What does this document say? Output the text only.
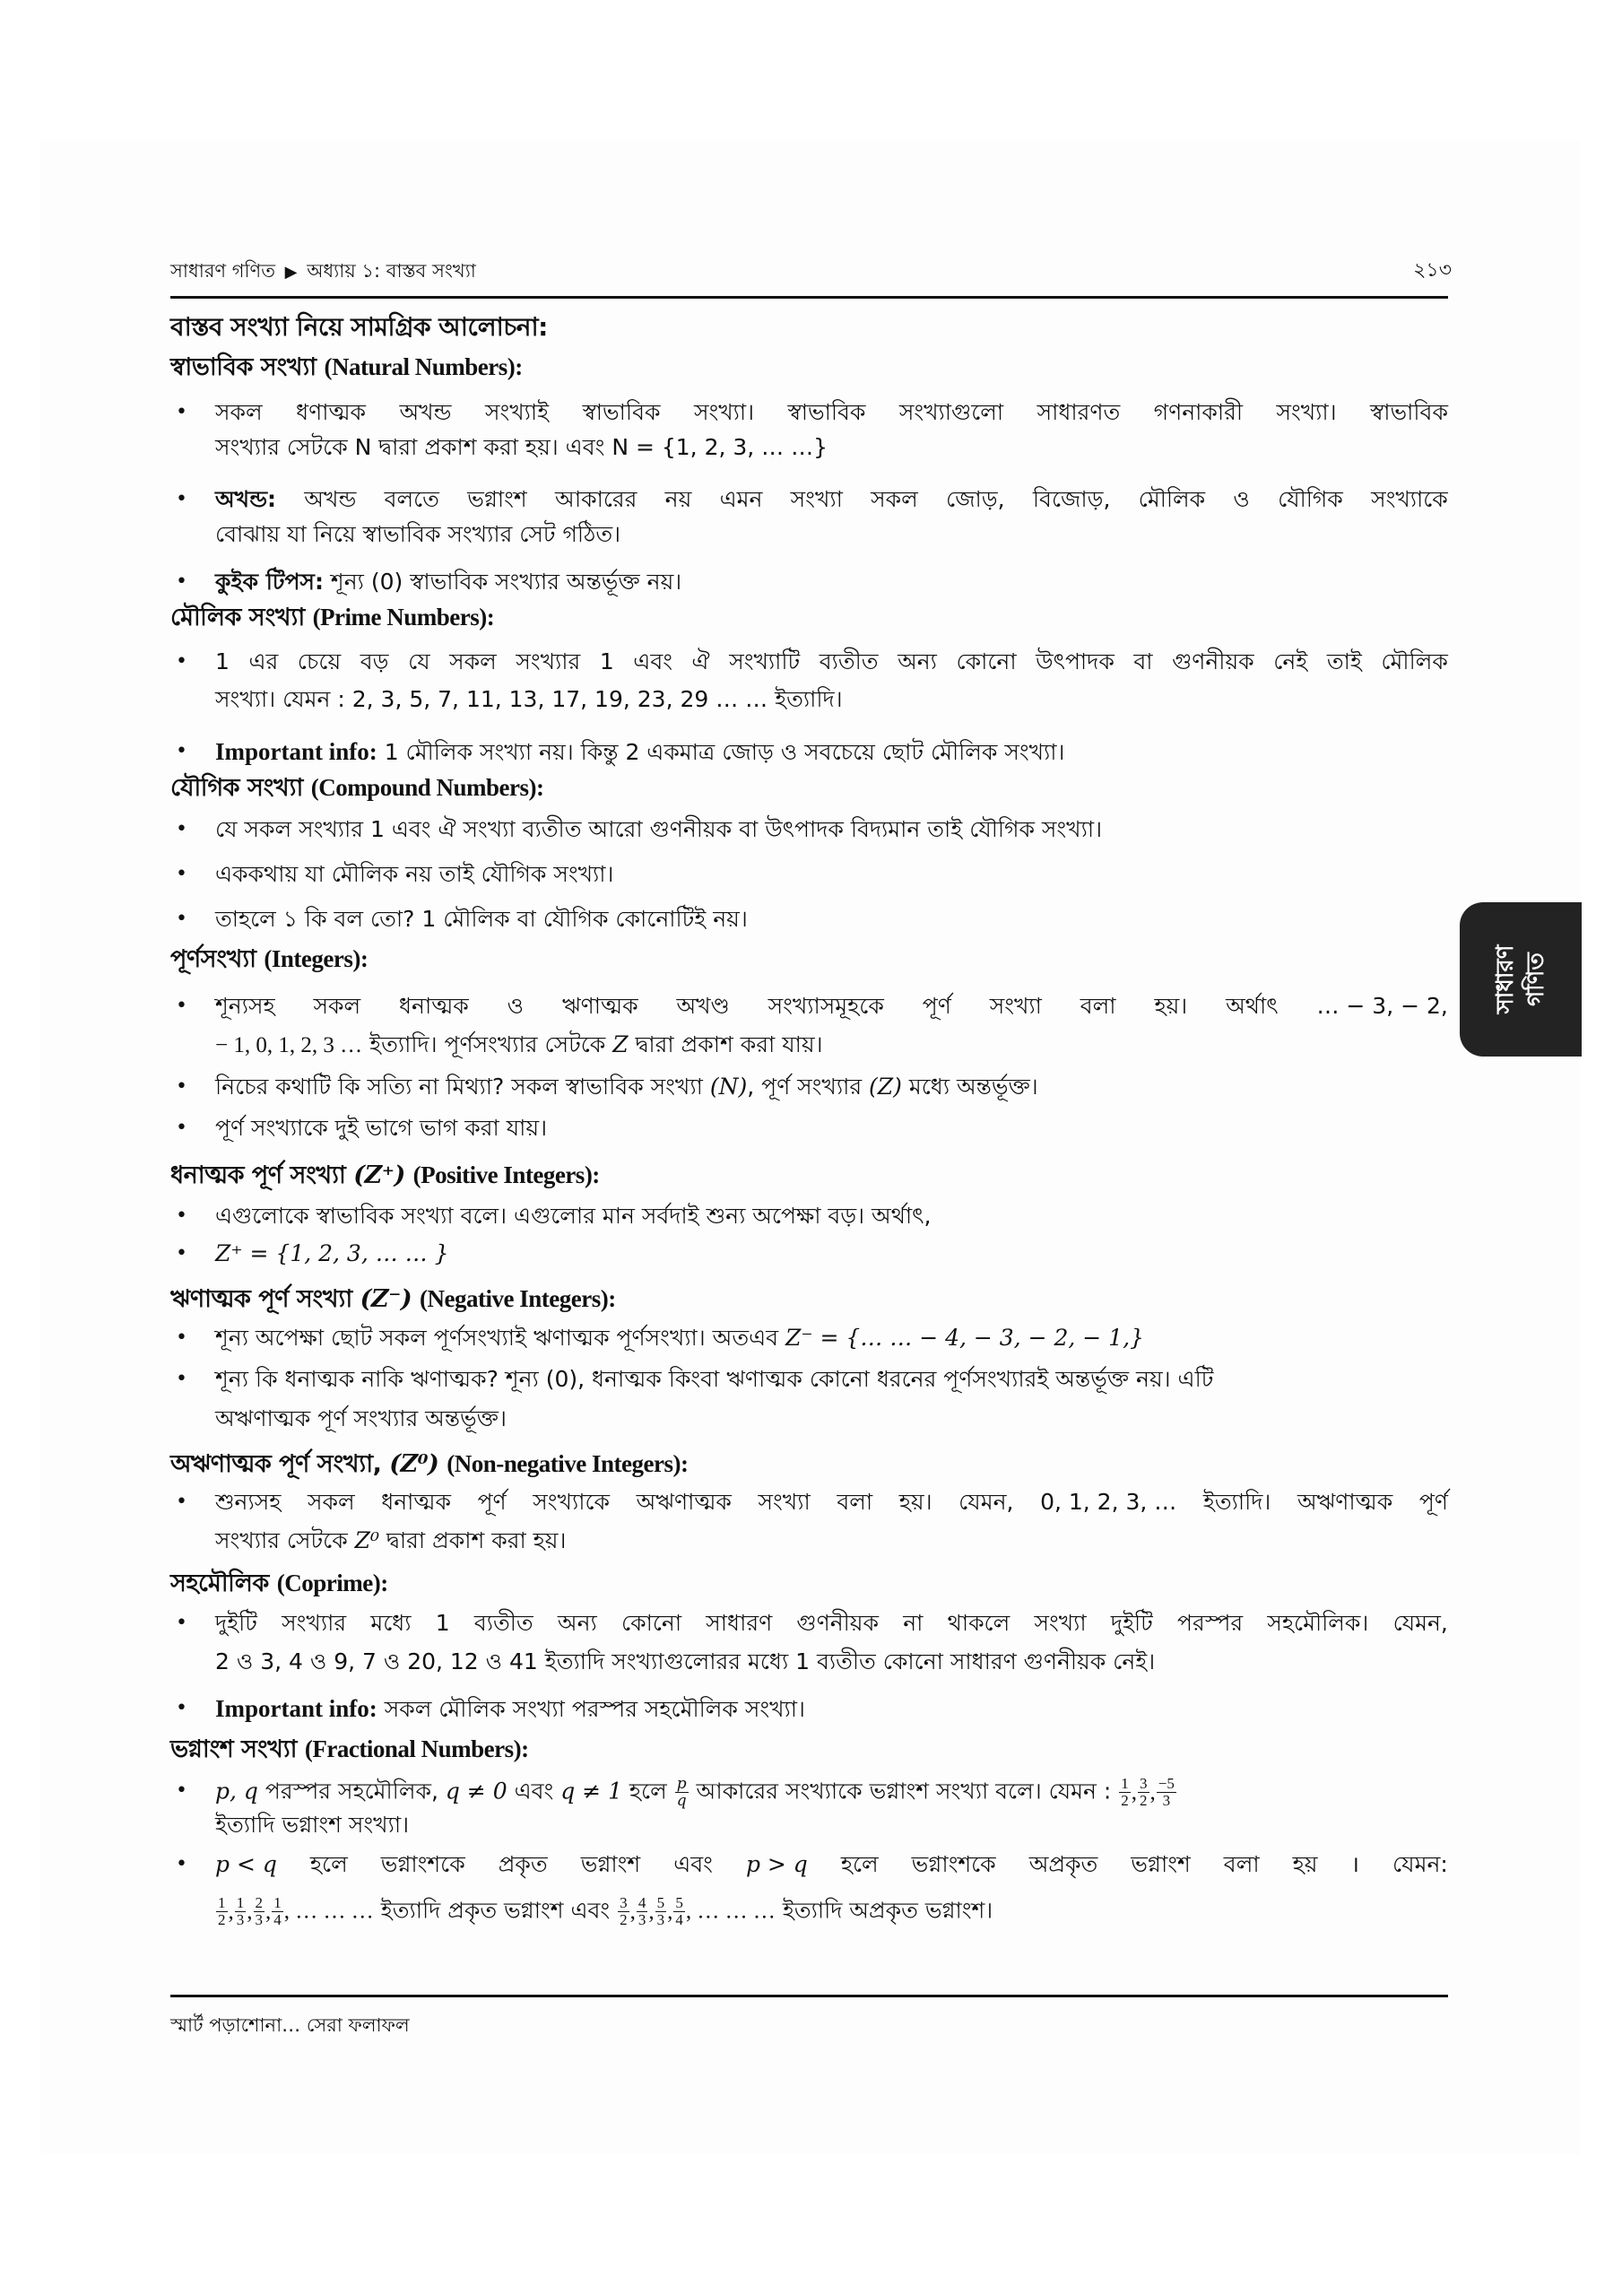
সাধারণ গণিত ▶ অধ্যায় ১: বাস্তব সংখ্যা	২১৩
বাস্তব সংখ্যা নিয়ে সামগ্রিক আলোচনা:
স্বাভাবিক সংখ্যা (Natural Numbers):
• সকল ধণাত্মক অখন্ড সংখ্যাই স্বাভাবিক সংখ্যা। স্বাভাবিক সংখ্যাগুলো সাধারণত গণনাকারী সংখ্যা। স্বাভাবিক
সংখ্যার সেটকে N দ্বারা প্রকাশ করা হয়। এবং N = {1, 2, 3, … …}
• অখন্ড: অখন্ড বলতে ভগ্নাংশ আকারের নয় এমন সংখ্যা সকল জোড়, বিজোড়, মৌলিক ও যৌগিক সংখ্যাকে
বোঝায় যা নিয়ে স্বাভাবিক সংখ্যার সেট গঠিত।
• কুইক টিপস: শূন্য (0) স্বাভাবিক সংখ্যার অন্তর্ভূক্ত নয়।
মৌলিক সংখ্যা (Prime Numbers):
• 1 এর চেয়ে বড় যে সকল সংখ্যার 1 এবং ঐ সংখ্যাটি ব্যতীত অন্য কোনো উৎপাদক বা গুণনীয়ক নেই তাই মৌলিক
সংখ্যা। যেমন : 2, 3, 5, 7, 11, 13, 17, 19, 23, 29 … … ইত্যাদি।
• Important info: 1 মৌলিক সংখ্যা নয়। কিন্তু 2 একমাত্র জোড় ও সবচেয়ে ছোট মৌলিক সংখ্যা।
যৌগিক সংখ্যা (Compound Numbers):
• যে সকল সংখ্যার 1 এবং ঐ সংখ্যা ব্যতীত আরো গুণনীয়ক বা উৎপাদক বিদ্যমান তাই যৌগিক সংখ্যা।
• এককথায় যা মৌলিক নয় তাই যৌগিক সংখ্যা।
• তাহলে ১ কি বল তো? 1 মৌলিক বা যৌগিক কোনোটিই নয়।
পূর্ণসংখ্যা (Integers):
• শূন্যসহ সকল ধনাত্মক ও ঋণাত্মক অখণ্ড সংখ্যাসমূহকে পূর্ণ সংখ্যা বলা হয়। অর্থাৎ … − 3, − 2,
− 1, 0, 1, 2, 3 … ইত্যাদি। পূর্ণসংখ্যার সেটকে Z দ্বারা প্রকাশ করা যায়।
• নিচের কথাটি কি সত্যি না মিথ্যা? সকল স্বাভাবিক সংখ্যা (N), পূর্ণ সংখ্যার (Z) মধ্যে অন্তর্ভূক্ত।
• পূর্ণ সংখ্যাকে দুই ভাগে ভাগ করা যায়।
ধনাত্মক পূর্ণ সংখ্যা (Z⁺) (Positive Integers):
• এগুলোকে স্বাভাবিক সংখ্যা বলে। এগুলোর মান সর্বদাই শুন্য অপেক্ষা বড়। অর্থাৎ,
• Z⁺ = {1, 2, 3, … … }
ঋণাত্মক পূর্ণ সংখ্যা (Z⁻) (Negative Integers):
• শূন্য অপেক্ষা ছোট সকল পূর্ণসংখ্যাই ঋণাত্মক পূর্ণসংখ্যা। অতএব Z⁻ = {… … − 4, − 3, − 2, − 1,}
• শূন্য কি ধনাত্মক নাকি ঋণাত্মক? শূন্য (0), ধনাত্মক কিংবা ঋণাত্মক কোনো ধরনের পূর্ণসংখ্যারই অন্তর্ভূক্ত নয়। এটি
অঋণাত্মক পূর্ণ সংখ্যার অন্তর্ভূক্ত।
অঋণাত্মক পূর্ণ সংখ্যা, (Z⁰) (Non-negative Integers):
• শুন্যসহ সকল ধনাত্মক পূর্ণ সংখ্যাকে অঋণাত্মক সংখ্যা বলা হয়। যেমন, 0, 1, 2, 3, … ইত্যাদি। অঋণাত্মক পূর্ণ
সংখ্যার সেটকে Z⁰ দ্বারা প্রকাশ করা হয়।
সহমৌলিক (Coprime):
• দুইটি সংখ্যার মধ্যে 1 ব্যতীত অন্য কোনো সাধারণ গুণনীয়ক না থাকলে সংখ্যা দুইটি পরস্পর সহমৌলিক। যেমন,
2 ও 3, 4 ও 9, 7 ও 20, 12 ও 41 ইত্যাদি সংখ্যাগুলোরর মধ্যে 1 ব্যতীত কোনো সাধারণ গুণনীয়ক নেই।
• Important info: সকল মৌলিক সংখ্যা পরস্পর সহমৌলিক সংখ্যা।
ভগ্নাংশ সংখ্যা (Fractional Numbers):
• p, q পরস্পর সহমৌলিক, q ≠ 0 এবং q ≠ 1 হলে $\frac{p}{q}$ আকারের সংখ্যাকে ভগ্নাংশ সংখ্যা বলে। যেমন : $\frac{1}{2}$ , $\frac{3}{2}$ , $\frac{-5}{3}$
ইত্যাদি ভগ্নাংশ সংখ্যা।
• p < q হলে ভগ্নাংশকে প্রকৃত ভগ্নাংশ এবং p > q হলে ভগ্নাংশকে অপ্রকৃত ভগ্নাংশ বলা হয় । যেমন:
$\frac{1}{2}$ , $\frac{1}{3}$ , $\frac{2}{3}$ , $\frac{1}{4}$ , … … … ইত্যাদি প্রকৃত ভগ্নাংশ এবং $\frac{3}{2}$ , $\frac{4}{3}$ , $\frac{5}{3}$ , $\frac{5}{4}$ , … … … ইত্যাদি অপ্রকৃত ভগ্নাংশ।
স্মার্ট পড়াশোনা… সেরা ফলাফল
সাধারণ গণিত
